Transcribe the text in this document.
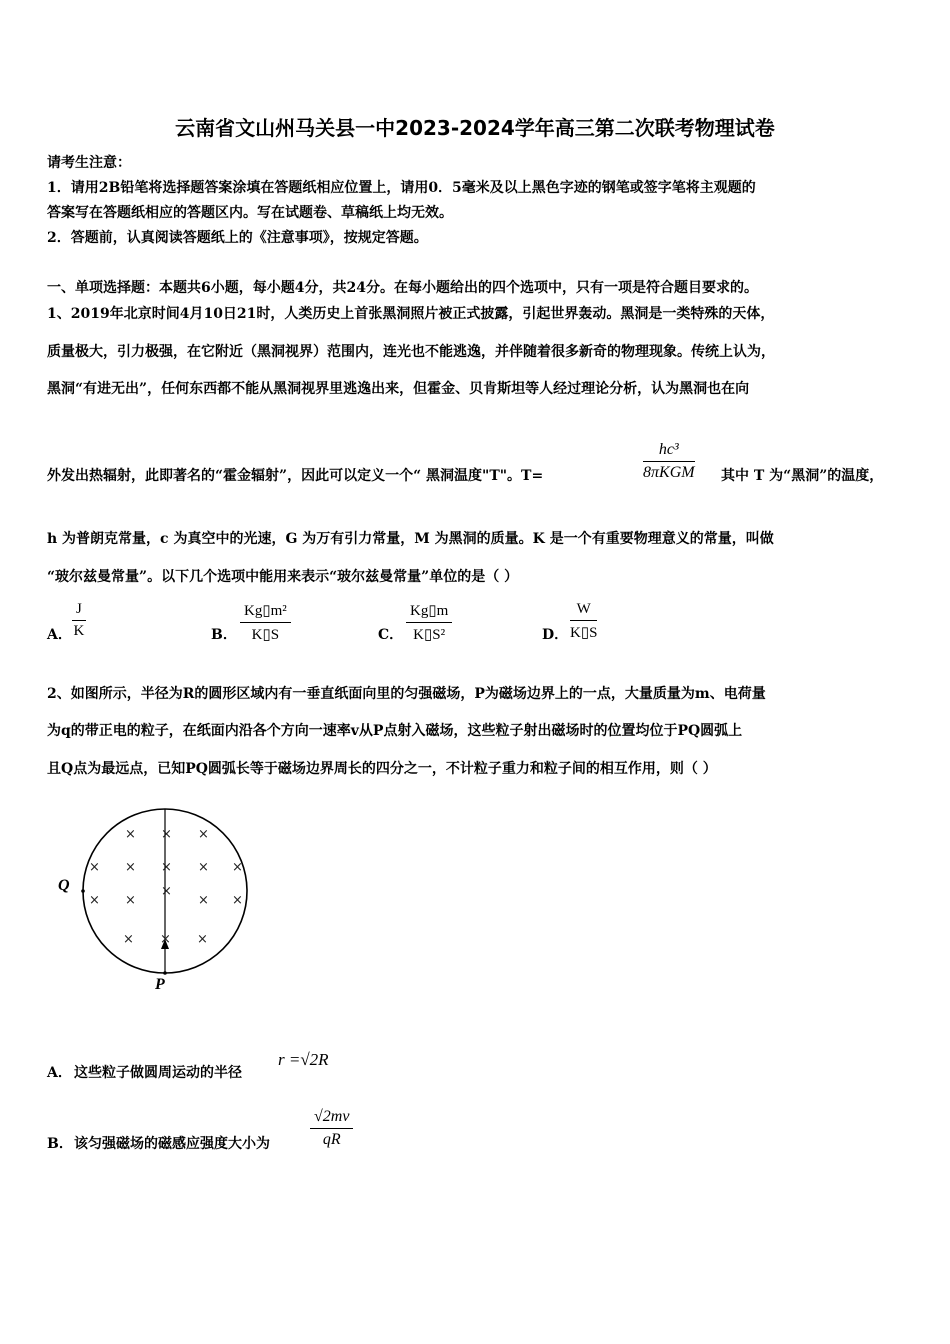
云南省文山州马关县一中2023-2024学年高三第二次联考物理试卷
请考生注意：
1．请用2B铅笔将选择题答案涂填在答题纸相应位置上，请用0．5毫米及以上黑色字迹的钢笔或签字笔将主观题的
答案写在答题纸相应的答题区内。写在试题卷、草稿纸上均无效。
2．答题前，认真阅读答题纸上的《注意事项》，按规定答题。
一、单项选择题：本题共6小题，每小题4分，共24分。在每小题给出的四个选项中，只有一项是符合题目要求的。
1、2019年北京时间4月10日21时，人类历史上首张黑洞照片被正式披露，引起世界轰动。黑洞是一类特殊的天体，
质量极大，引力极强，在它附近（黑洞视界）范围内，连光也不能逃逸，并伴随着很多新奇的物理现象。传统上认为，
黑洞“有进无出”，任何东西都不能从黑洞视界里逃逸出来，但霍金、贝肯斯坦等人经过理论分析，认为黑洞也在向
外发出热辐射，此即著名的“霍金辐射”，因此可以定义一个“ 黑洞温度"T"。T=
hc³
8πKGM 其中 T 为“黑洞”的温度，
h 为普朗克常量，c 为真空中的光速，G 为万有引力常量，M 为黑洞的质量。K 是一个有重要物理意义的常量，叫做
“玻尔兹曼常量”。以下几个选项中能用来表示“玻尔兹曼常量”单位的是（ ）
A． $\frac{J}{K}$	B． $\frac{\text{Kg▯m²}}{K▯S}$	C． $\frac{Kg▯m}{\text{K▯S²}}$	D． $\frac{W}{K▯S}$
2、如图所示，半径为R的圆形区域内有一垂直纸面向里的匀强磁场，P为磁场边界上的一点，大量质量为m、电荷量
为q的带正电的粒子，在纸面内沿各个方向一速率v从P点射入磁场，这些粒子射出磁场时的位置均位于PQ圆弧上
且Q点为最远点，已知PQ圆弧长等于磁场边界周长的四分之一，不计粒子重力和粒子间的相互作用，则（ ）
Q
P
× × ×
× × × × ×
× ×
×
× ×
× × ×
A． 这些粒子做圆周运动的半径
r =√2R
B． 该匀强磁场的磁感应强度大小为	$\frac{√2mv}{qR}$
